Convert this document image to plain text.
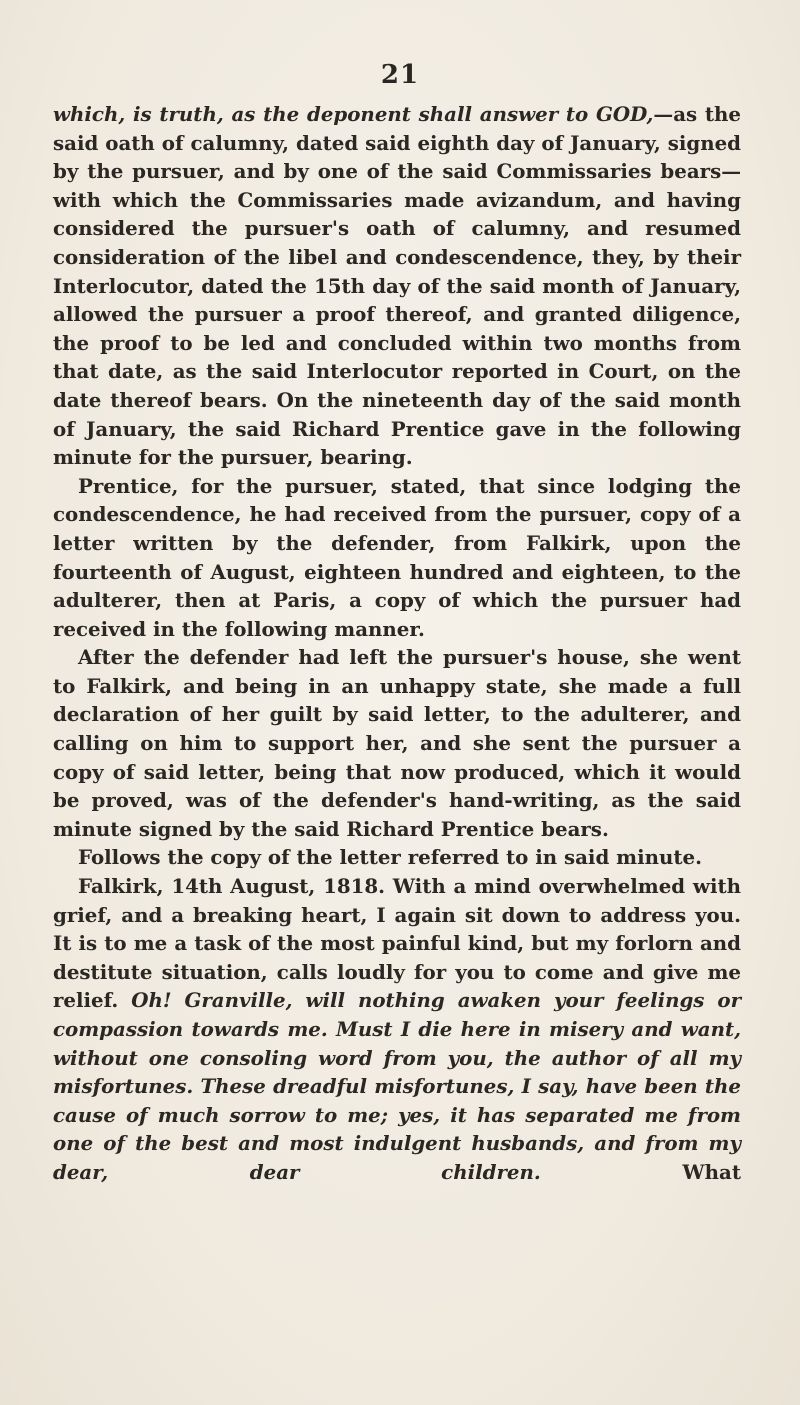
21

which, is truth, as the deponent shall answer to GOD,—as the said oath of calumny, dated said eighth day of January, signed by the pursuer, and by one of the said Commissaries bears—with which the Commissaries made avizandum, and having considered the pursuer's oath of calumny, and resumed consideration of the libel and condescendence, they, by their Interlocutor, dated the 15th day of the said month of January, allowed the pursuer a proof thereof, and granted diligence, the proof to be led and concluded within two months from that date, as the said Interlocutor reported in Court, on the date thereof bears. On the nineteenth day of the said month of January, the said Richard Prentice gave in the following minute for the pursuer, bearing.

Prentice, for the pursuer, stated, that since lodging the condescendence, he had received from the pursuer, copy of a letter written by the defender, from Falkirk, upon the fourteenth of August, eighteen hundred and eighteen, to the adulterer, then at Paris, a copy of which the pursuer had received in the following manner.

After the defender had left the pursuer's house, she went to Falkirk, and being in an unhappy state, she made a full declaration of her guilt by said letter, to the adulterer, and calling on him to support her, and she sent the pursuer a copy of said letter, being that now produced, which it would be proved, was of the defender's hand-writing, as the said minute signed by the said Richard Prentice bears.

Follows the copy of the letter referred to in said minute.

Falkirk, 14th August, 1818. With a mind overwhelmed with grief, and a breaking heart, I again sit down to address you. It is to me a task of the most painful kind, but my forlorn and destitute situation, calls loudly for you to come and give me relief. Oh! Granville, will nothing awaken your feelings or compassion towards me. Must I die here in misery and want, without one consoling word from you, the author of all my misfortunes. These dreadful misfortunes, I say, have been the cause of much sorrow to me; yes, it has separated me from one of the best and most indulgent husbands, and from my dear, dear children. What
